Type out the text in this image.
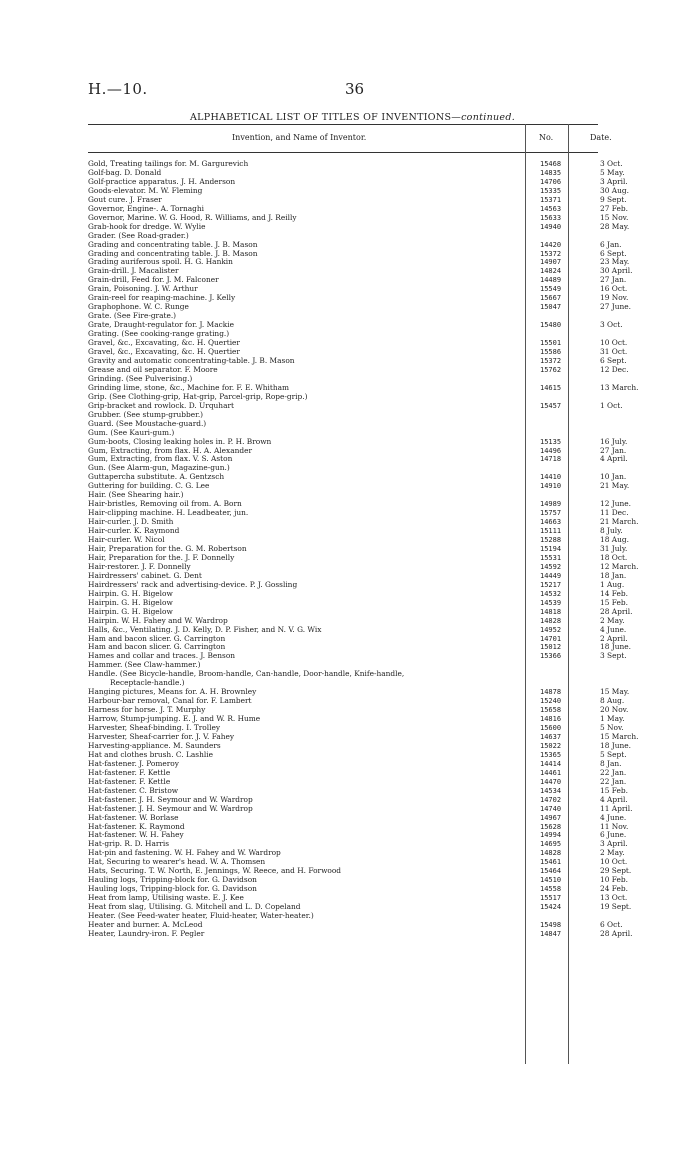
H.—10.	36
ALPHABETICAL LIST OF TITLES OF INVENTIONS—continued.
Invention, and Name of Inventor.	No.	Date.
Gold, Treating tailings for. M. Gargurevich	15468	3 Oct.
Golf-bag. D. Donald	14835	5 May.
Golf-practice apparatus. J. H. Anderson	14706	3 April.
Goods-elevator. M. W. Fleming	15335	30 Aug.
Gout cure. J. Fraser	15371	9 Sept.
Governor, Engine-. A. Tornaghi	14563	27 Feb.
Governor, Marine. W. G. Hood, R. Williams, and J. Reilly	15633	15 Nov.
Grab-hook for dredge. W. Wylie	14940	28 May.
Grader. (See Road-grader.)
Grading and concentrating table. J. B. Mason	14420	6 Jan.
Grading and concentrating table. J. B. Mason	15372	6 Sept.
Grading auriferous spoil. H. G. Hankin	14907	23 May.
Grain-drill. J. Macalister	14824	30 April.
Grain-drill, Feed for. J. M. Falconer	14489	27 Jan.
Grain, Poisoning. J. W. Arthur	15549	16 Oct.
Grain-reel for reaping-machine. J. Kelly	15667	19 Nov.
Graphophone. W. C. Runge	15047	27 June.
Grate. (See Fire-grate.)
Grate, Draught-regulator for. J. Mackie	15480	3 Oct.
Grating. (See cooking-range grating.)
Gravel, &c., Excavating, &c. H. Quertier	15501	10 Oct.
Gravel, &c., Excavating, &c. H. Quertier	15586	31 Oct.
Gravity and automatic concentrating-table. J. B. Mason	15372	6 Sept.
Grease and oil separator. F. Moore	15762	12 Dec.
Grinding. (See Pulverising.)
Grinding lime, stone, &c., Machine for. F. E. Whitham	14615	13 March.
Grip. (See Clothing-grip, Hat-grip, Parcel-grip, Rope-grip.)
Grip-bracket and rowlock. D. Urquhart	15457	1 Oct.
Grubber. (See stump-grubber.)
Guard. (See Moustache-guard.)
Gum. (See Kauri-gum.)
Gum-boots, Closing leaking holes in. P. H. Brown	15135	16 July.
Gum, Extracting, from flax. H. A. Alexander	14496	27 Jan.
Gum, Extracting, from flax. V. S. Aston	14718	4 April.
Gun. (See Alarm-gun, Magazine-gun.)
Guttapercha substitute. A. Gentzsch	14410	10 Jan.
Guttering for building. C. G. Lee	14910	21 May.
Hair. (See Shearing hair.)
Hair-bristles, Removing oil from. A. Born	14989	12 June.
Hair-clipping machine. H. Leadbeater, jun.	15757	11 Dec.
Hair-curler. J. D. Smith	14663	21 March.
Hair-curler. K. Raymond	15111	8 July.
Hair-curler. W. Nicol	15288	18 Aug.
Hair, Preparation for the. G. M. Robertson	15194	31 July.
Hair, Preparation for the. J. F. Donnelly	15531	18 Oct.
Hair-restorer. J. F. Donnelly	14592	12 March.
Hairdressers' cabinet. G. Dent	14449	18 Jan.
Hairdressers' rack and advertising-device. P. J. Gossling	15217	1 Aug.
Hairpin. G. H. Bigelow	14532	14 Feb.
Hairpin. G. H. Bigelow	14539	15 Feb.
Hairpin. G. H. Bigelow	14818	28 April.
Hairpin. W. H. Fahey and W. Wardrop	14828	2 May.
Halls, &c., Ventilating. J. D. Kelly, D. P. Fisher, and N. V. G. Wix	14952	4 June.
Ham and bacon slicer. G. Carrington	14701	2 April.
Ham and bacon slicer. G. Carrington	15012	18 June.
Hames and collar and traces. J. Benson	15366	3 Sept.
Hammer. (See Claw-hammer.)
Handle. (See Bicycle-handle, Broom-handle, Can-handle, Door-handle, Knife-handle,
Receptacle-handle.)
Hanging pictures, Means for. A. H. Brownley	14878	15 May.
Harbour-bar removal, Canal for. F. Lambert	15240	8 Aug.
Harness for horse. J. T. Murphy	15658	20 Nov.
Harrow, Stump-jumping. E. J. and W. R. Hume	14816	1 May.
Harvester, Sheaf-binding. I. Trolley	15600	5 Nov.
Harvester, Sheaf-carrier for. J. V. Fahey	14637	15 March.
Harvesting-appliance. M. Saunders	15022	18 June.
Hat and clothes brush. C. Lashlie	15365	5 Sept.
Hat-fastener. J. Pomeroy	14414	8 Jan.
Hat-fastener. F. Kettle	14461	22 Jan.
Hat-fastener. F. Kettle	14470	22 Jan.
Hat-fastener. C. Bristow	14534	15 Feb.
Hat-fastener. J. H. Seymour and W. Wardrop	14702	4 April.
Hat-fastener. J. H. Seymour and W. Wardrop	14740	11 April.
Hat-fastener. W. Borlase	14967	4 June.
Hat-fastener. K. Raymond	15628	11 Nov.
Hat-fastener. W. H. Fahey	14994	6 June.
Hat-grip. R. D. Harris	14695	3 April.
Hat-pin and fastening. W. H. Fahey and W. Wardrop	14828	2 May.
Hat, Securing to wearer's head. W. A. Thomsen	15461	10 Oct.
Hats, Securing. T. W. North, E. Jennings, W. Reece, and H. Forwood	15464	29 Sept.
Hauling logs, Tripping-block for. G. Davidson	14510	10 Feb.
Hauling logs, Tripping-block for. G. Davidson	14558	24 Feb.
Heat from lamp, Utilising waste. E. J. Kee	15517	13 Oct.
Heat from slag, Utilising. G. Mitchell and L. D. Copeland	15424	19 Sept.
Heater. (See Feed-water heater, Fluid-heater, Water-heater.)
Heater and burner. A. McLeod	15498	6 Oct.
Heater, Laundry-iron. F. Pegler	14847	28 April.
